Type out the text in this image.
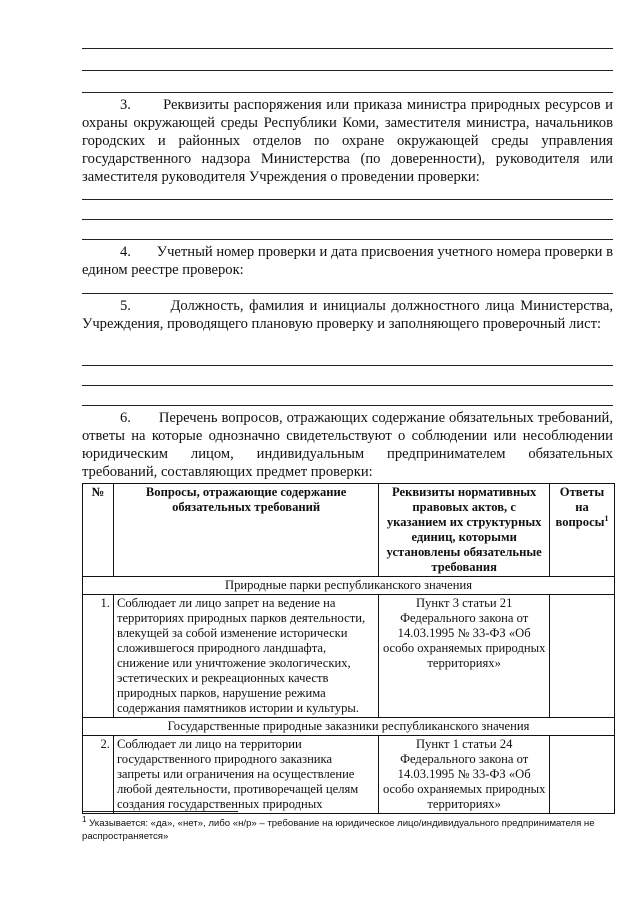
3. Реквизиты распоряжения или приказа министра природных ресурсов и охраны окружающей среды Республики Коми, заместителя министра, начальников городских и районных отделов по охране окружающей среды управления государственного надзора Министерства (по доверенности), руководителя или заместителя руководителя Учреждения о проведении проверки:

4. Учетный номер проверки и дата присвоения учетного номера проверки в едином реестре проверок:

5.	Должность, фамилия и инициалы должностного лица Министерства, Учреждения, проводящего плановую проверку и заполняющего проверочный лист:

6. Перечень вопросов, отражающих содержание обязательных требований, ответы на которые однозначно свидетельствуют о соблюдении или несоблюдении юридическим лицом, индивидуальным предпринимателем обязательных требований, составляющих предмет проверки:

№	Вопросы, отражающие содержание обязательных требований	Реквизиты нормативных правовых актов, с указанием их структурных единиц, которыми установлены обязательные требования	Ответы на вопросы$^1$
Природные парки республиканского значения			
1.	Соблюдает ли лицо запрет на ведение на территориях природных парков деятельности, влекущей за собой изменение исторически сложившегося природного ландшафта, снижение или уничтожение экологических, эстетических и рекреационных качеств природных парков, нарушение режима содержания памятников истории и культуры.	Пункт 3 статьи 21 Федерального закона от 14.03.1995 № 33-ФЗ «Об особо охраняемых природных территориях»	
Государственные природные заказники республиканского значения			
2.	Соблюдает ли лицо на территории государственного природного заказника запреты или ограничения на осуществление любой деятельности, противоречащей целям создания государственных природных	Пункт 1 статьи 24 Федерального закона от 14.03.1995 № 33-ФЗ «Об особо охраняемых природных территориях»	
$^1$ Указывается: «да», «нет», либо «н/р» – требование на юридическое лицо/индивидуального предпринимателя не распространяется»
